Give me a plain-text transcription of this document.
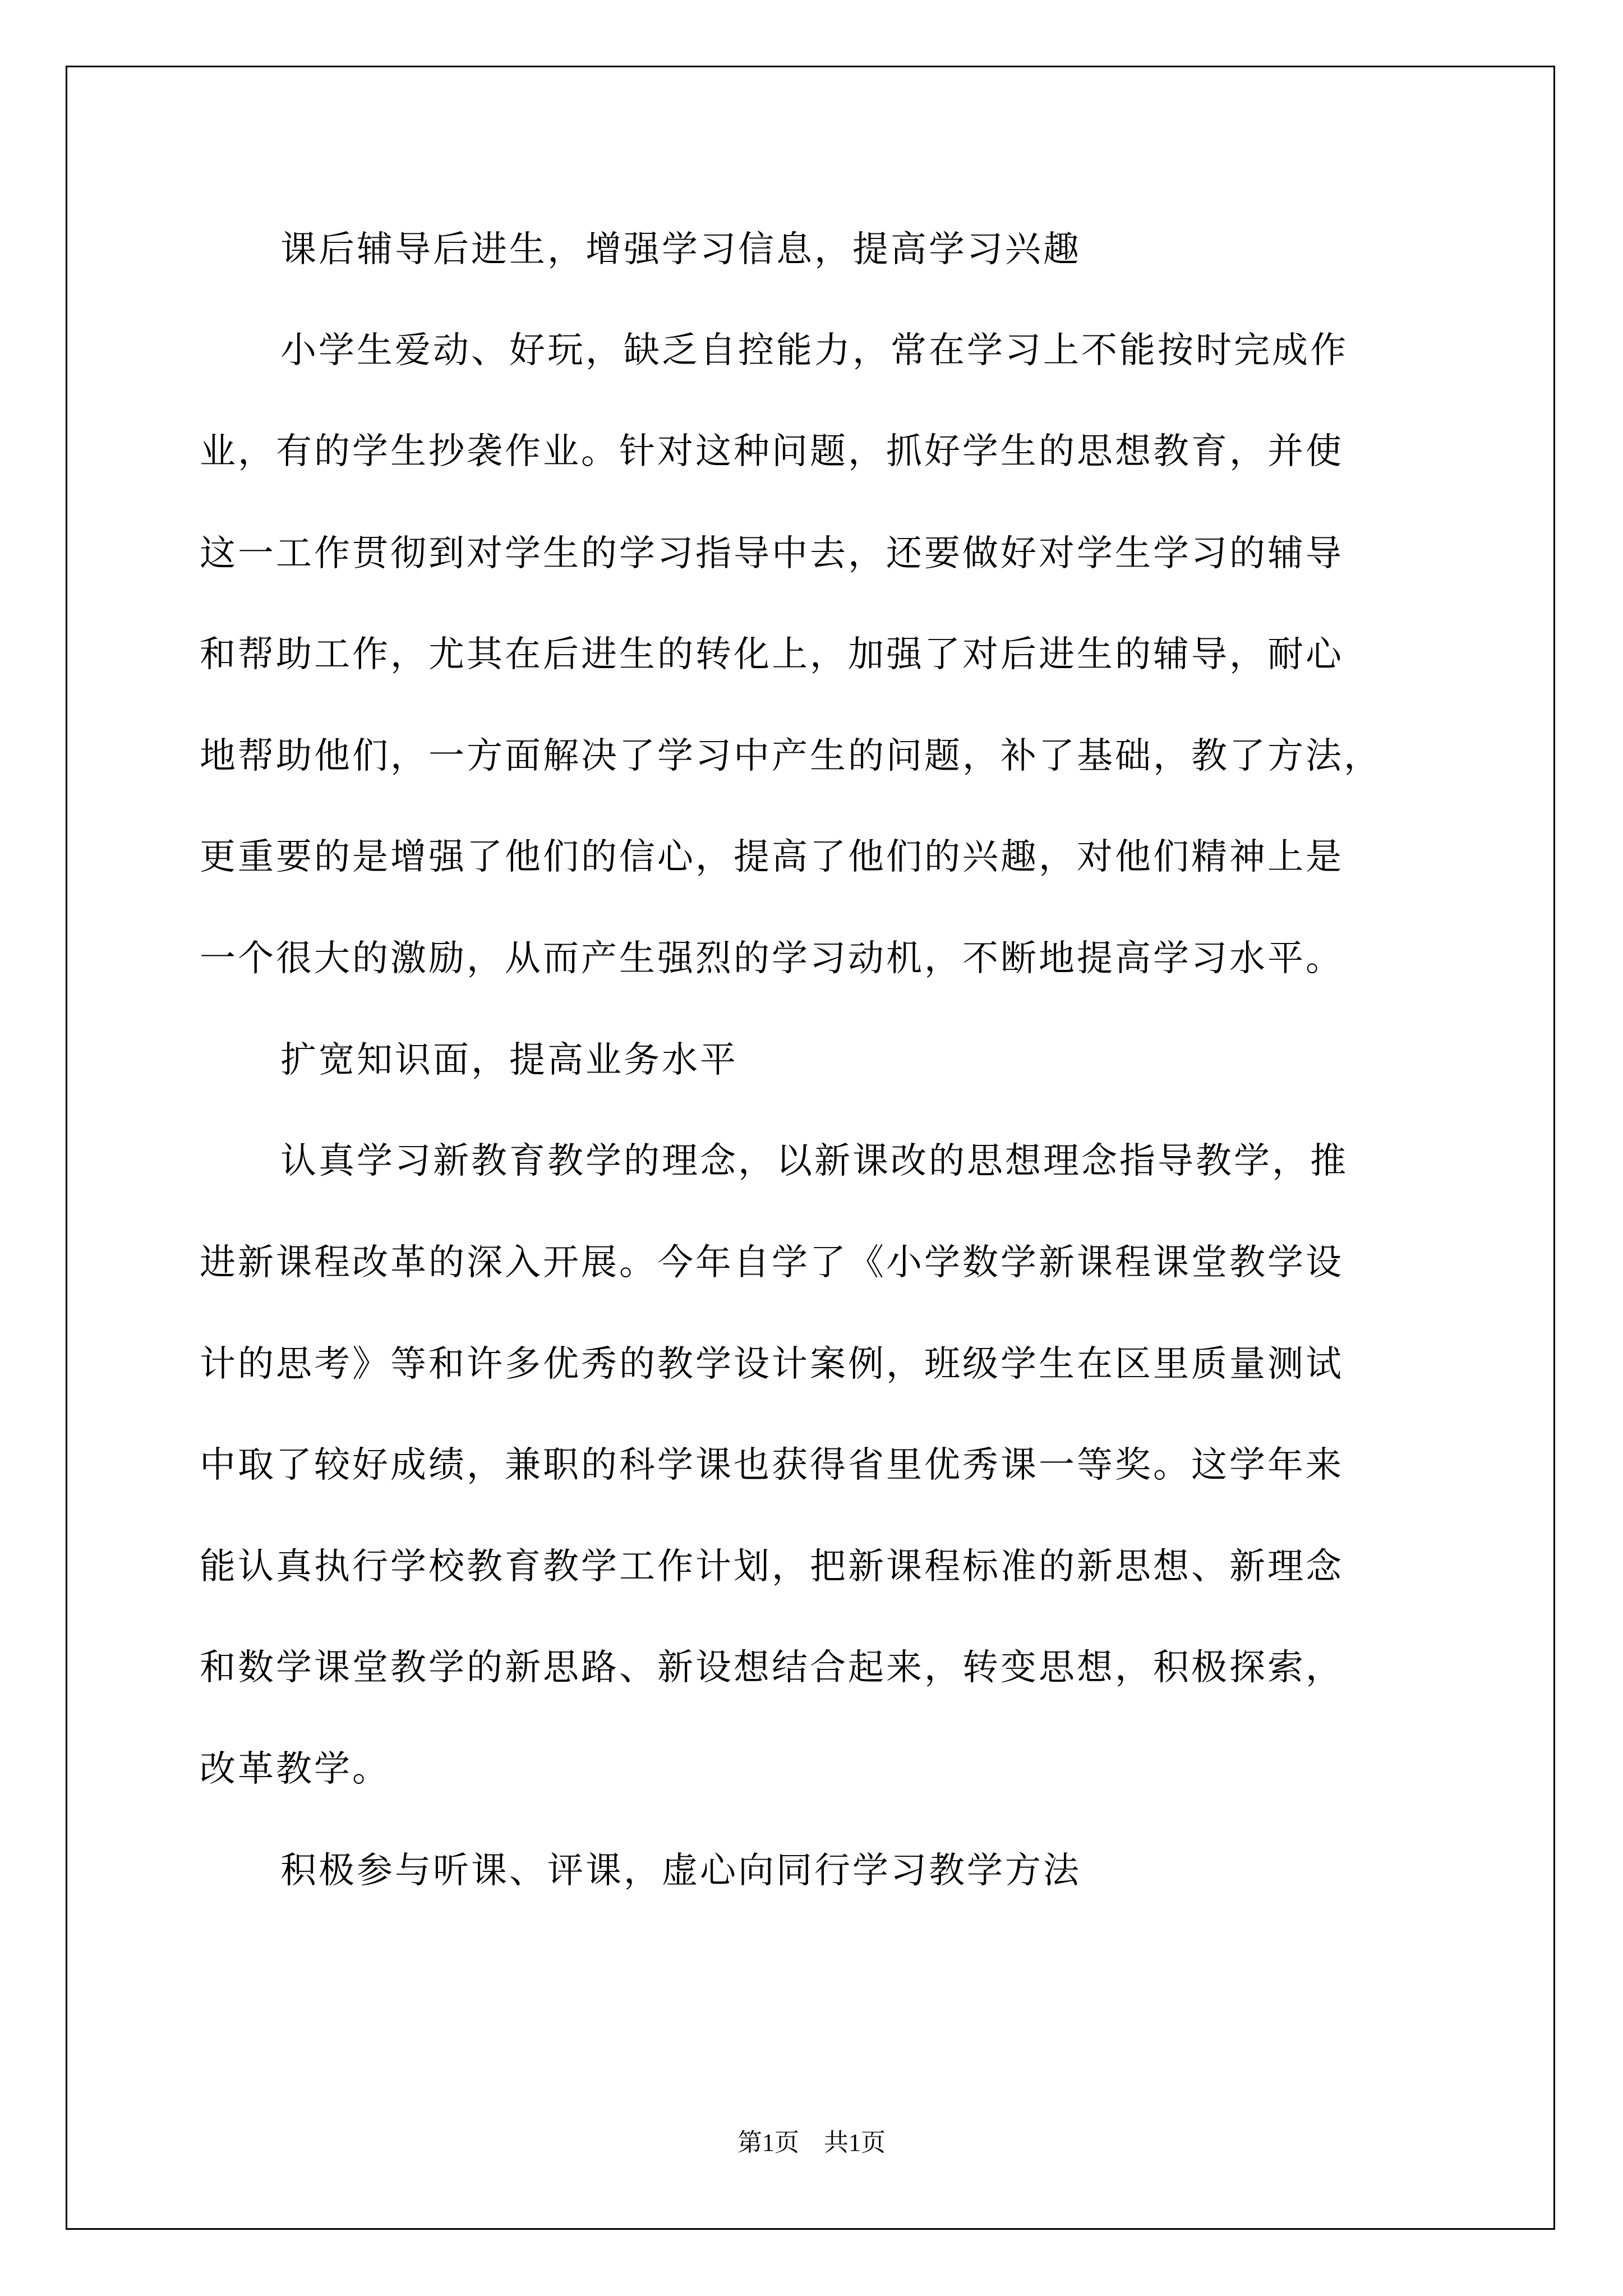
课后辅导后进生，增强学习信息，提高学习兴趣
小学生爱动、好玩，缺乏自控能力，常在学习上不能按时完成作
业，有的学生抄袭作业。针对这种问题，抓好学生的思想教育，并使
这一工作贯彻到对学生的学习指导中去，还要做好对学生学习的辅导
和帮助工作，尤其在后进生的转化上，加强了对后进生的辅导，耐心
地帮助他们，一方面解决了学习中产生的问题，补了基础，教了方法，
更重要的是增强了他们的信心，提高了他们的兴趣，对他们精神上是
一个很大的激励，从而产生强烈的学习动机，不断地提高学习水平。
扩宽知识面，提高业务水平
认真学习新教育教学的理念，以新课改的思想理念指导教学，推
进新课程改革的深入开展。今年自学了《小学数学新课程课堂教学设
计的思考》等和许多优秀的教学设计案例，班级学生在区里质量测试
中取了较好成绩，兼职的科学课也获得省里优秀课一等奖。这学年来
能认真执行学校教育教学工作计划，把新课程标准的新思想、新理念
和数学课堂教学的新思路、新设想结合起来，转变思想，积极探索，
改革教学。
积极参与听课、评课，虚心向同行学习教学方法
第1页　共1页
